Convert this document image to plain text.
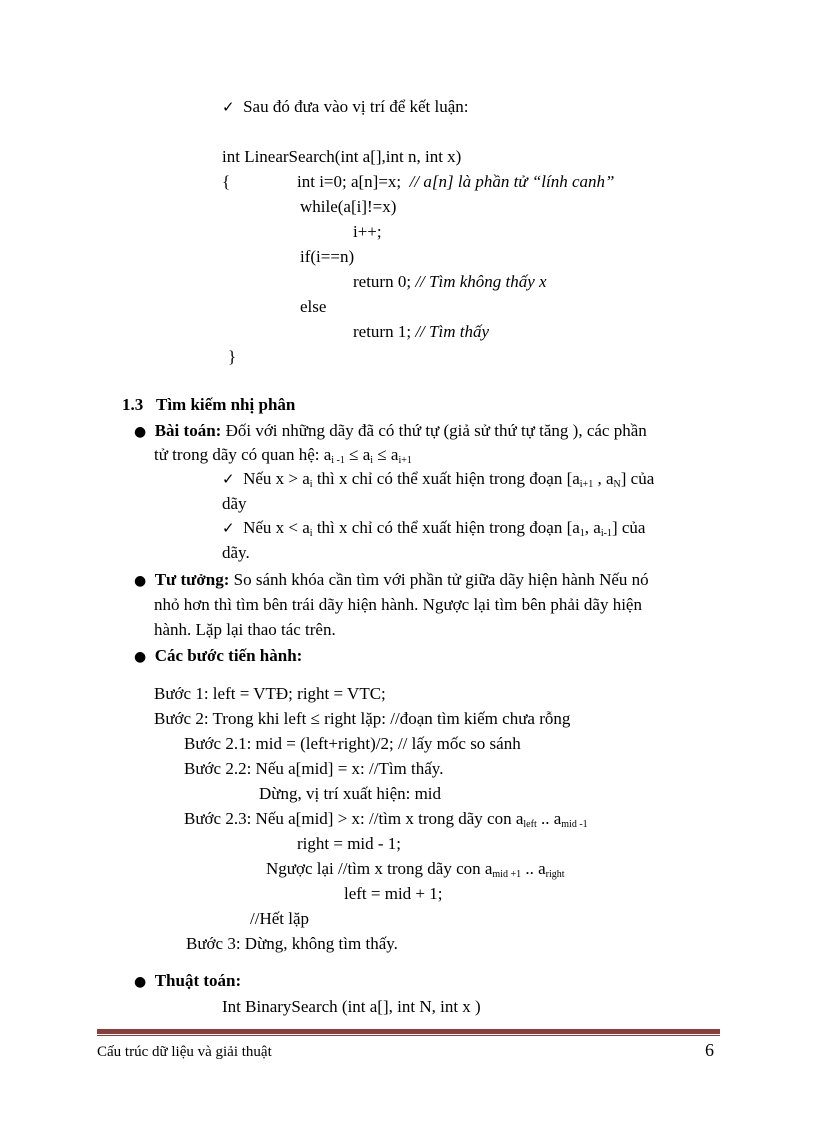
✓ Sau đó đưa vào vị trí để kết luận:
int LinearSearch(int a[],int n, int x)
{	int i=0; a[n]=x; // a[n] là phần tử “lính canh”
while(a[i]!=x)
i++;
if(i==n)
return 0; // Tìm không thấy x
else
return 1; // Tìm thấy
}
1.3 Tìm kiếm nhị phân
● Bài toán: Đối với những dãy đã có thứ tự (giả sử thứ tự tăng ), các phần
tử trong dãy có quan hệ: $a_{i -1} \le a_i \le a_{i+1}$
✓ Nếu $x > a_i$ thì x chỉ có thể xuất hiện trong đoạn [$a_{i+1}$ , $a_N$] của
dãy
✓ Nếu $x < a_i$ thì x chỉ có thể xuất hiện trong đoạn [$a_1$, $a_{i-1}$] của
dãy.
● Tư tưởng: So sánh khóa cần tìm với phần tử giữa dãy hiện hành Nếu nó
nhỏ hơn thì tìm bên trái dãy hiện hành. Ngược lại tìm bên phải dãy hiện
hành. Lặp lại thao tác trên.
● Các bước tiến hành:
Bước 1: left = VTĐ; right = VTC;
Bước 2: Trong khi left ≤ right lặp: //đoạn tìm kiếm chưa rỗng
Bước 2.1: mid = (left+right)/2; // lấy mốc so sánh
Bước 2.2: Nếu a[mid] = x: //Tìm thấy.
Dừng, vị trí xuất hiện: mid
Bước 2.3: Nếu a[mid] > x: //tìm x trong dãy con $a_{left}$ .. $a_{mid -1}$
right = mid - 1;
Ngược lại //tìm x trong dãy con $a_{mid +1}$ .. $a_{right}$
left = mid + 1;
//Hết lặp
Bước 3: Dừng, không tìm thấy.
● Thuật toán:
Int BinarySearch (int a[], int N, int x )
Cấu trúc dữ liệu và giải thuật	6
